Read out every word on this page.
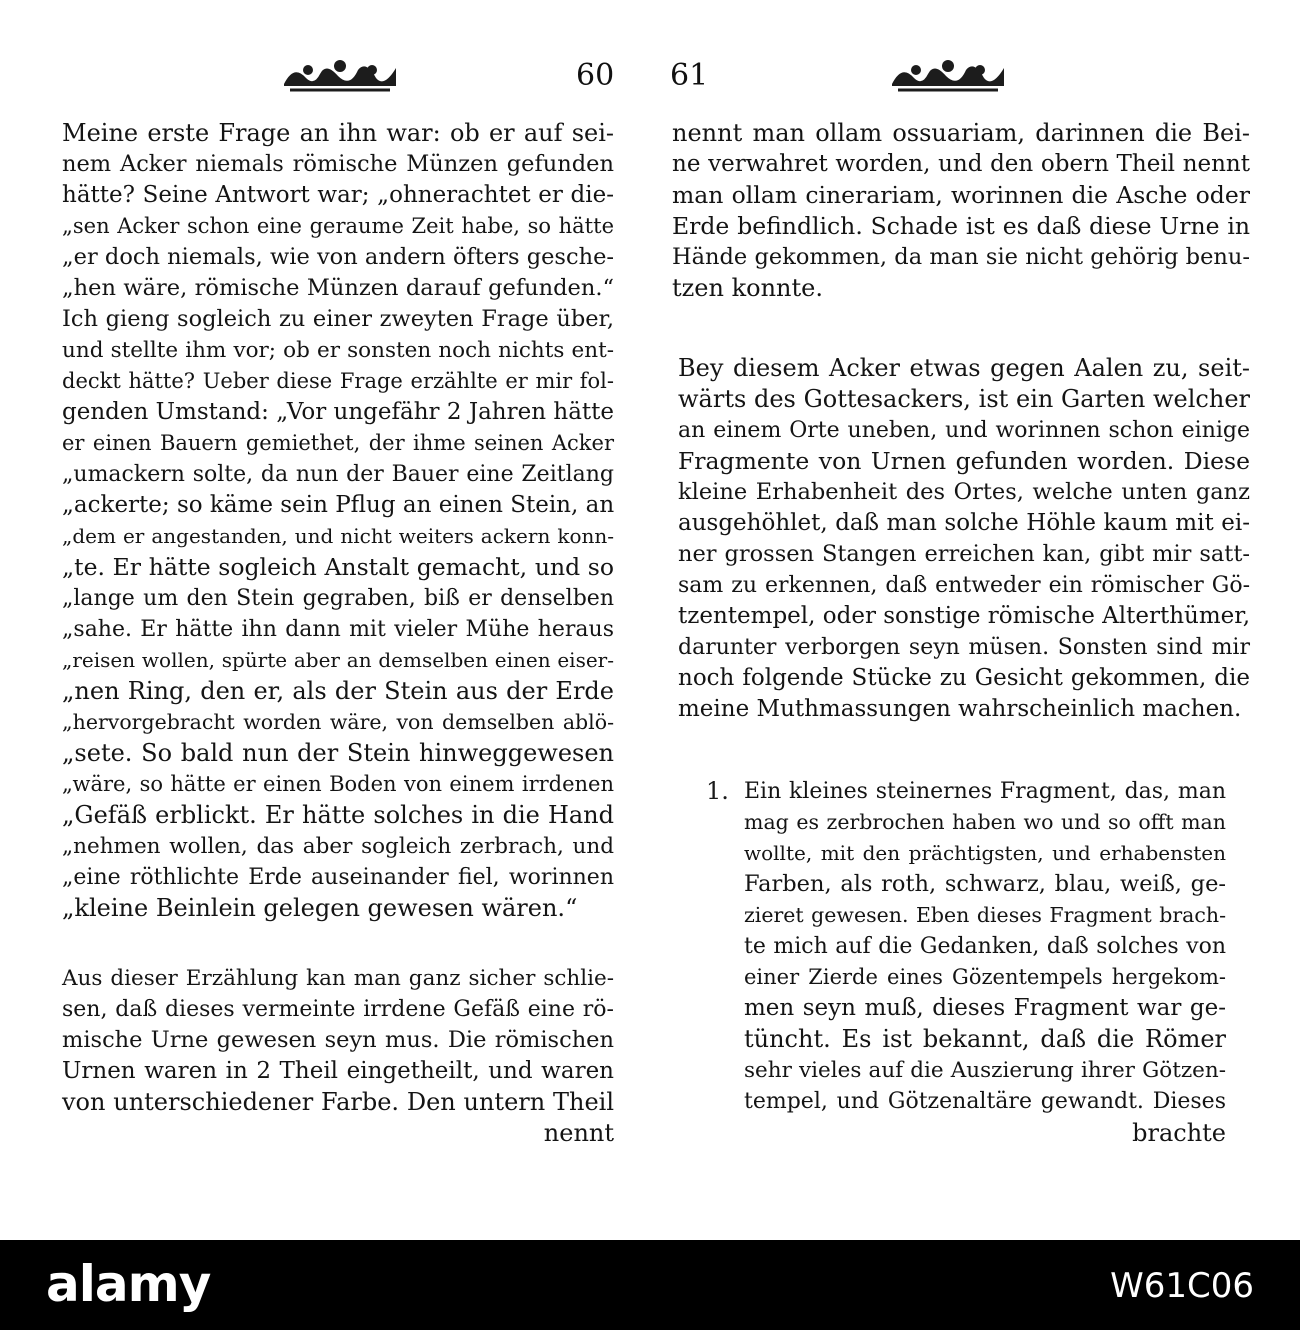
60
Meine erste Frage an ihn war: ob er auf sei-
nem Acker niemals römische Münzen gefunden
hätte? Seine Antwort war; „ohnerachtet er die-
„sen Acker schon eine geraume Zeit habe, so hätte
„er doch niemals, wie von andern öfters gesche-
„hen wäre, römische Münzen darauf gefunden.“
Ich gieng sogleich zu einer zweyten Frage über,
und stellte ihm vor; ob er sonsten noch nichts ent-
deckt hätte? Ueber diese Frage erzählte er mir fol-
genden Umstand: „Vor ungefähr 2 Jahren hätte
er einen Bauern gemiethet, der ihme seinen Acker
„umackern solte, da nun der Bauer eine Zeitlang
„ackerte; so käme sein Pflug an einen Stein, an
„dem er angestanden, und nicht weiters ackern konn-
„te. Er hätte sogleich Anstalt gemacht, und so
„lange um den Stein gegraben, biß er denselben
„sahe. Er hätte ihn dann mit vieler Mühe heraus
„reisen wollen, spürte aber an demselben einen eiser-
„nen Ring, den er, als der Stein aus der Erde
„hervorgebracht worden wäre, von demselben ablö-
„sete. So bald nun der Stein hinweggewesen
„wäre, so hätte er einen Boden von einem irrdenen
„Gefäß erblickt. Er hätte solches in die Hand
„nehmen wollen, das aber sogleich zerbrach, und
„eine röthlichte Erde auseinander fiel, worinnen
„kleine Beinlein gelegen gewesen wären.“
Aus dieser Erzählung kan man ganz sicher schlie-
sen, daß dieses vermeinte irrdene Gefäß eine rö-
mische Urne gewesen seyn mus. Die römischen
Urnen waren in 2 Theil eingetheilt, und waren
von unterschiedener Farbe. Den untern Theil
nennt
61
nennt man ollam ossuariam, darinnen die Bei-
ne verwahret worden, und den obern Theil nennt
man ollam cinerariam, worinnen die Asche oder
Erde befindlich. Schade ist es daß diese Urne in
Hände gekommen, da man sie nicht gehörig benu-
tzen konnte.
Bey diesem Acker etwas gegen Aalen zu, seit-
wärts des Gottesackers, ist ein Garten welcher
an einem Orte uneben, und worinnen schon einige
Fragmente von Urnen gefunden worden. Diese
kleine Erhabenheit des Ortes, welche unten ganz
ausgehöhlet, daß man solche Höhle kaum mit ei-
ner grossen Stangen erreichen kan, gibt mir satt-
sam zu erkennen, daß entweder ein römischer Gö-
tzentempel, oder sonstige römische Alterthümer,
darunter verborgen seyn müsen. Sonsten sind mir
noch folgende Stücke zu Gesicht gekommen, die
meine Muthmassungen wahrscheinlich machen.
1. Ein kleines steinernes Fragment, das, man
mag es zerbrochen haben wo und so offt man
wollte, mit den prächtigsten, und erhabensten
Farben, als roth, schwarz, blau, weiß, ge-
zieret gewesen. Eben dieses Fragment brach-
te mich auf die Gedanken, daß solches von
einer Zierde eines Gözentempels hergekom-
men seyn muß, dieses Fragment war ge-
tüncht. Es ist bekannt, daß die Römer
sehr vieles auf die Auszierung ihrer Götzen-
tempel, und Götzenaltäre gewandt. Dieses
brachte
alamy	W61C06
